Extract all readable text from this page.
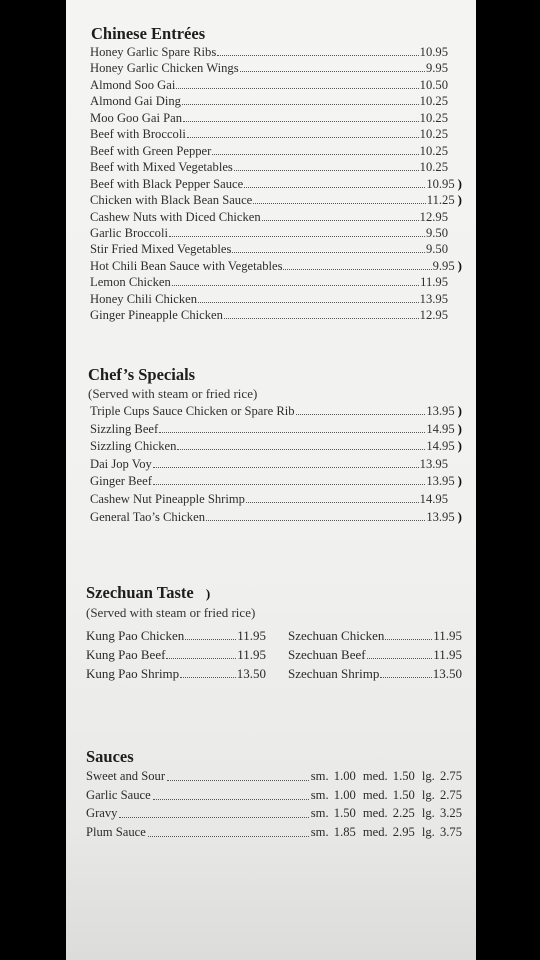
Chinese Entrées
Honey Garlic Spare Ribs	10.95
Honey Garlic Chicken Wings	9.95
Almond Soo Gai	10.50
Almond Gai Ding	10.25
Moo Goo Gai Pan	10.25
Beef with Broccoli	10.25
Beef with Green Pepper	10.25
Beef with Mixed Vegetables	10.25
Beef with Black Pepper Sauce	10.95 )
Chicken with Black Bean Sauce	11.25 )
Cashew Nuts with Diced Chicken	12.95
Garlic Broccoli	9.50
Stir Fried Mixed Vegetables	9.50
Hot Chili Bean Sauce with Vegetables	9.95 )
Lemon Chicken	11.95
Honey Chili Chicken	13.95
Ginger Pineapple Chicken	12.95
Chef’s Specials
(Served with steam or fried rice)
Triple Cups Sauce Chicken or Spare Rib	13.95 )
Sizzling Beef	14.95 )
Sizzling Chicken	14.95 )
Dai Jop Voy	13.95
Ginger Beef	13.95 )
Cashew Nut Pineapple Shrimp	14.95
General Tao’s Chicken	13.95 )
Szechuan Taste )
(Served with steam or fried rice)
Kung Pao Chicken	11.95
Kung Pao Beef	11.95
Kung Pao Shrimp	13.50
Szechuan Chicken	11.95
Szechuan Beef	11.95
Szechuan Shrimp	13.50
Sauces
Sweet and Sour	sm. 1.00 med. 1.50 lg. 2.75
Garlic Sauce	sm. 1.00 med. 1.50 lg. 2.75
Gravy	sm. 1.50 med. 2.25 lg. 3.25
Plum Sauce	sm. 1.85 med. 2.95 lg. 3.75
